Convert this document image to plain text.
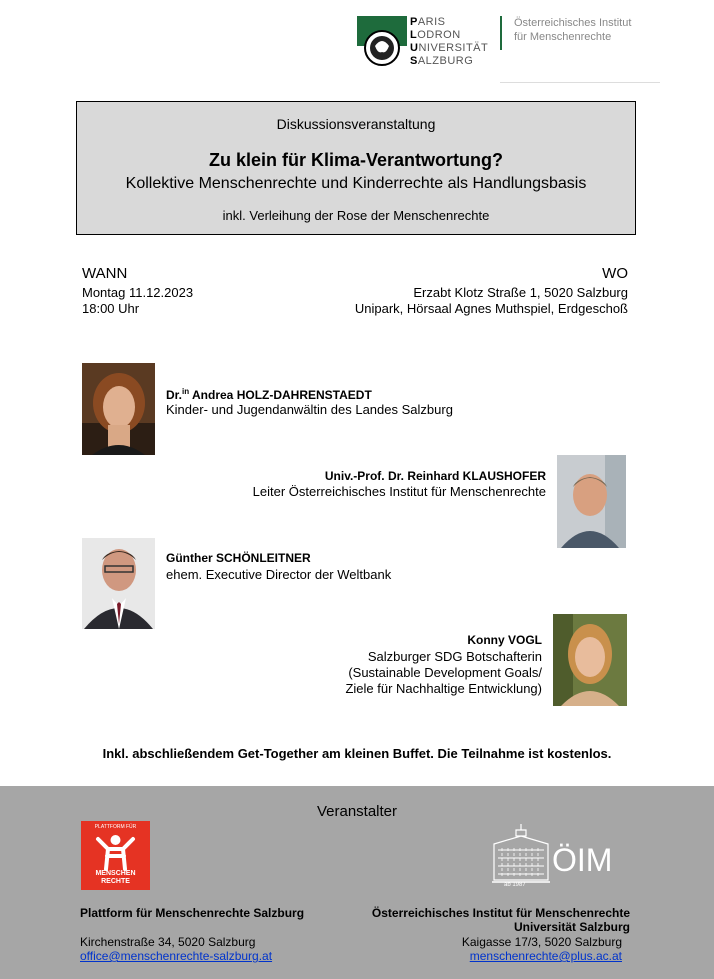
PARIS
LODRON
UNIVERSITÄT
SALZBURG
Österreichisches Institut
für Menschenrechte
Diskussionsveranstaltung
Zu klein für Klima-Verantwortung?
Kollektive Menschenrechte und Kinderrechte als Handlungsbasis
inkl. Verleihung der Rose der Menschenrechte
WANN
Montag 11.12.2023
18:00 Uhr
WO
Erzabt Klotz Straße 1, 5020 Salzburg
Unipark, Hörsaal Agnes Muthspiel, Erdgeschoß
Dr.$^{in}$ Andrea HOLZ-DAHRENSTAEDT
Kinder- und Jugendanwältin des Landes Salzburg
Univ.-Prof. Dr. Reinhard KLAUSHOFER
Leiter Österreichisches Institut für Menschenrechte
Günther SCHÖNLEITNER
ehem. Executive Director der Weltbank
Konny VOGL
Salzburger SDG Botschafterin
(Sustainable Development Goals/
Ziele für Nachhaltige Entwicklung)
Inkl. abschließendem Get-Together am kleinen Buffet. Die Teilnahme ist kostenlos.
Veranstalter
PLATTFORM FÜR
MENSCHEN
RECHTE	ab 1987
ÖIM
Plattform für Menschenrechte Salzburg
Kirchenstraße 34, 5020 Salzburg
office@menschenrechte-salzburg.at
Österreichisches Institut für Menschenrechte
Universität Salzburg
Kaigasse 17/3, 5020 Salzburg
menschenrechte@plus.ac.at
